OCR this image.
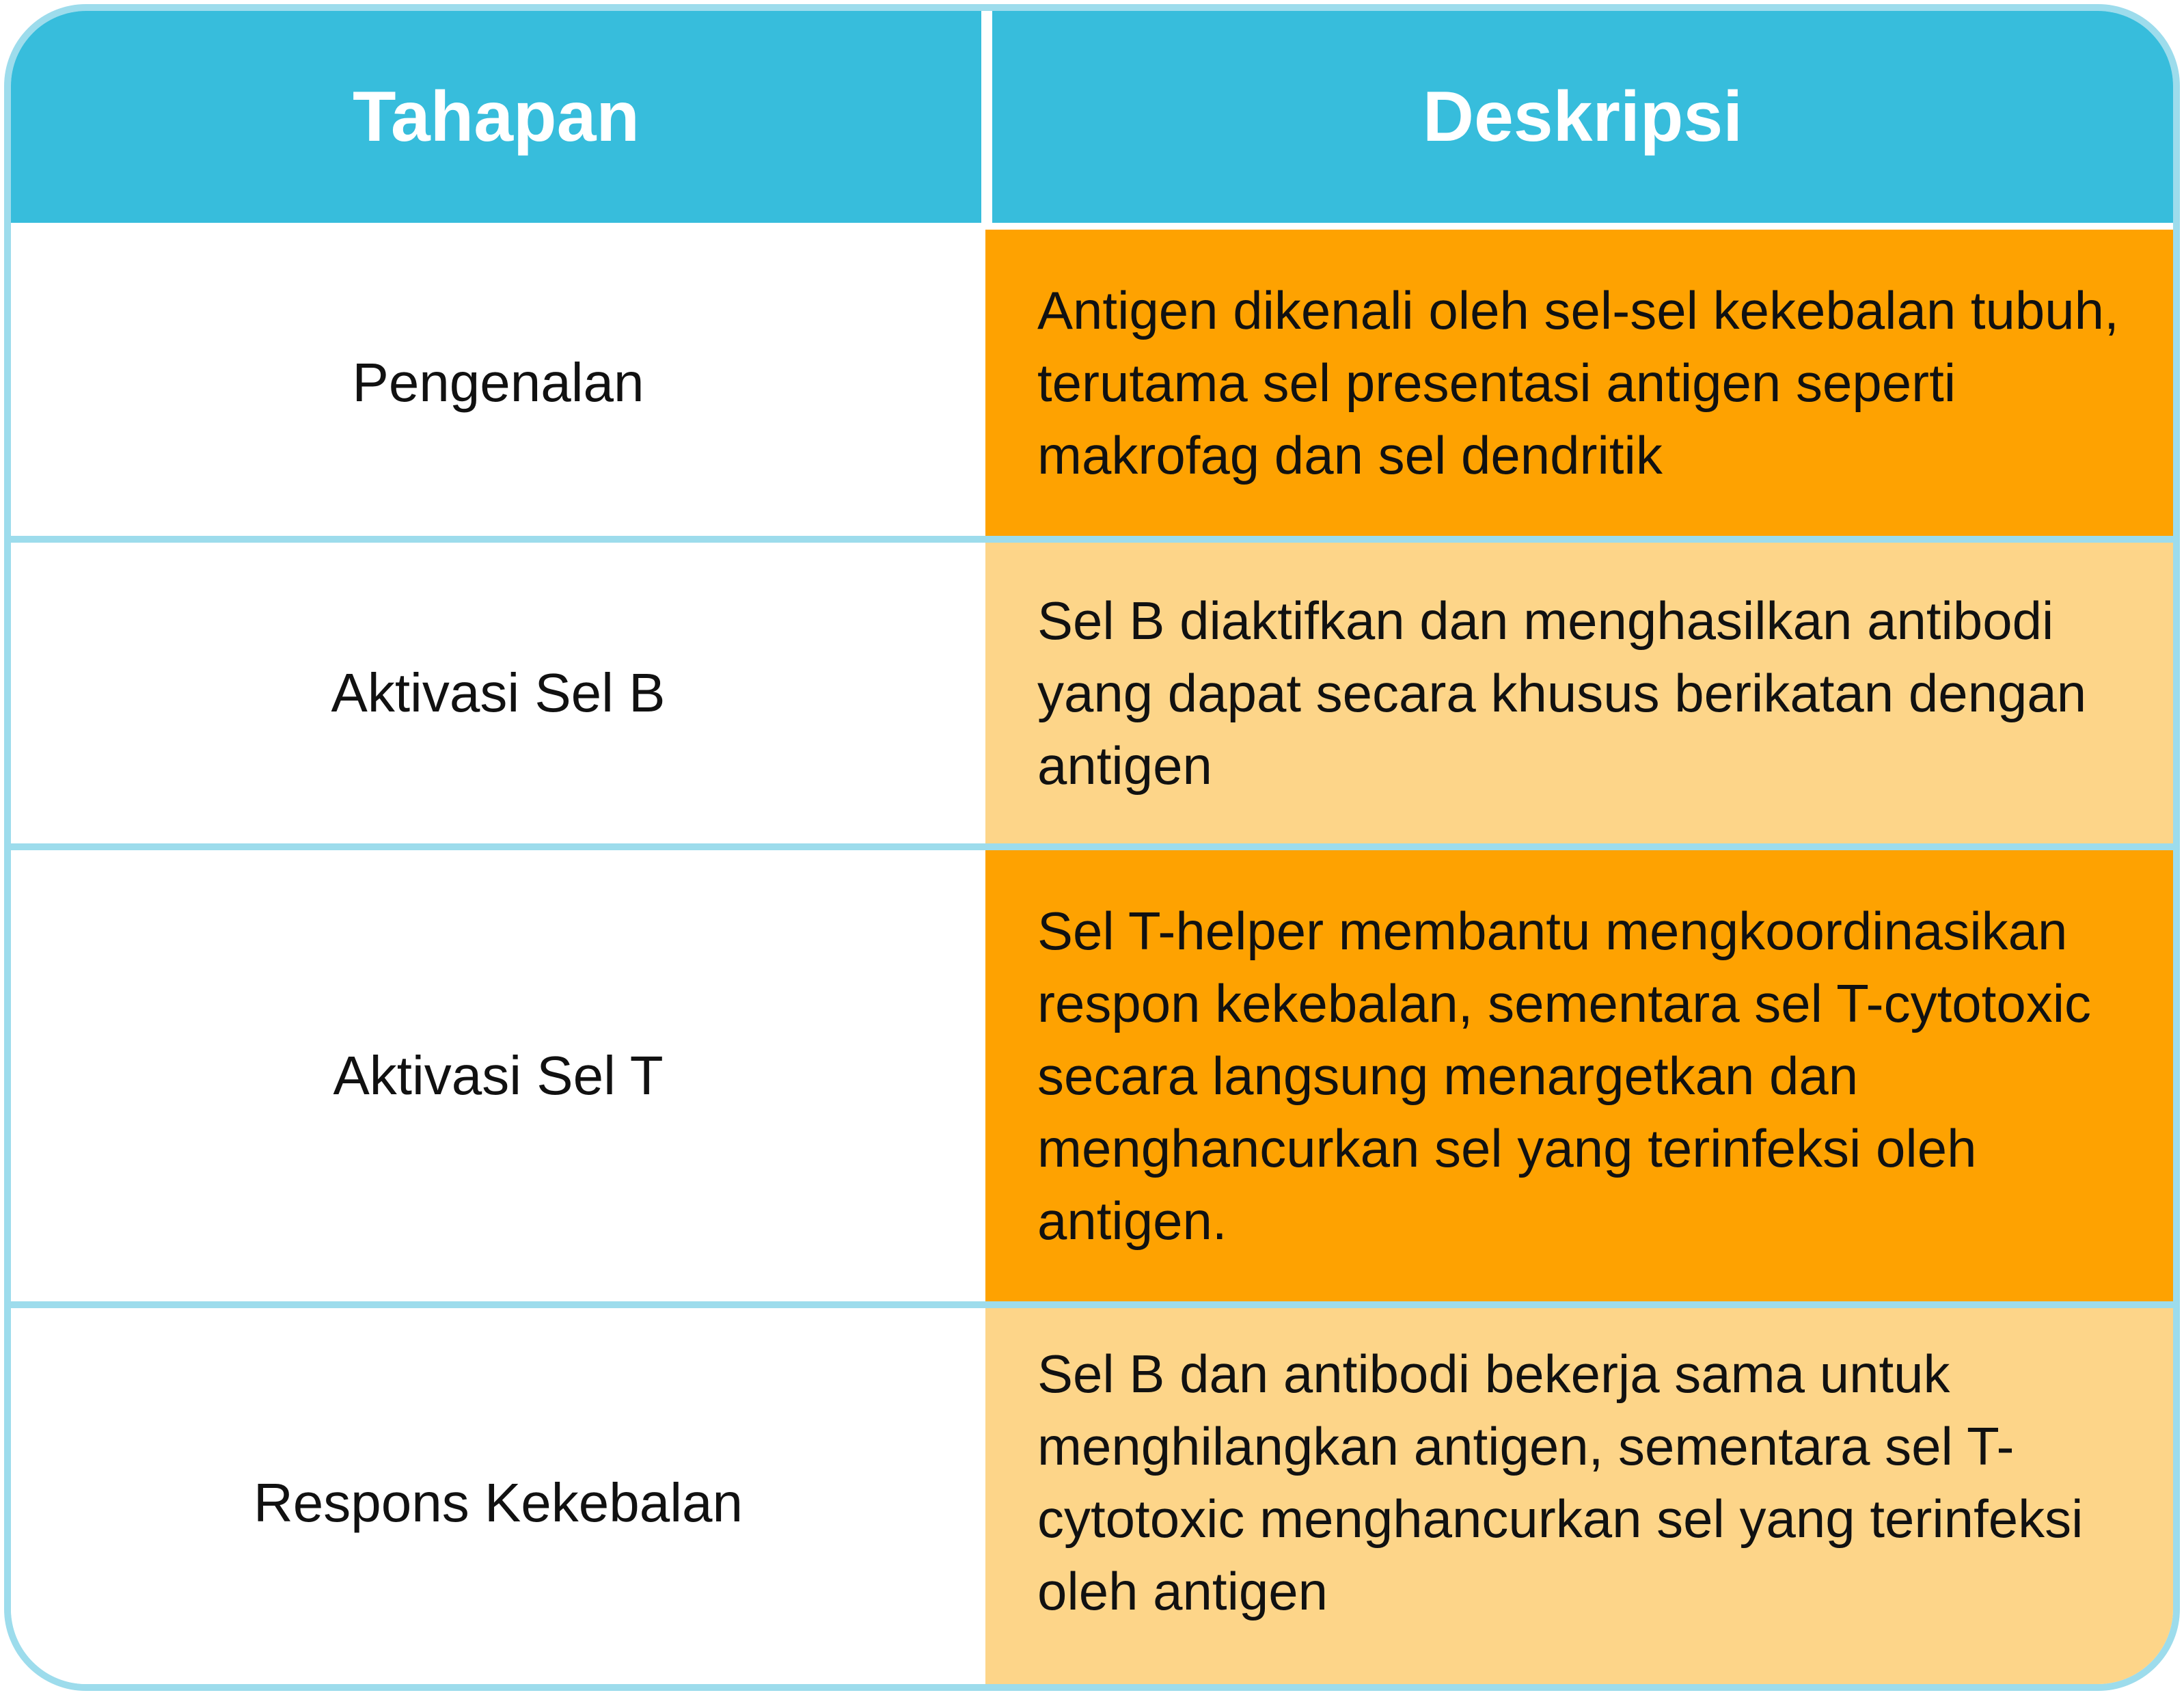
Tahapan	Deskripsi
Pengenalan
Antigen dikenali oleh sel-sel kekebalan tubuh, terutama sel presentasi antigen seperti makrofag dan sel dendritik
Aktivasi Sel B
Sel B diaktifkan dan menghasilkan antibodi yang dapat secara khusus berikatan dengan antigen
Aktivasi Sel T
Sel T-helper membantu mengkoordinasikan respon kekebalan, sementara sel T-cytotoxic secara langsung menargetkan dan menghancurkan sel yang terinfeksi oleh antigen.
Respons Kekebalan
Sel B dan antibodi bekerja sama untuk menghilangkan antigen, sementara sel T-cytotoxic menghancurkan sel yang terinfeksi oleh antigen
